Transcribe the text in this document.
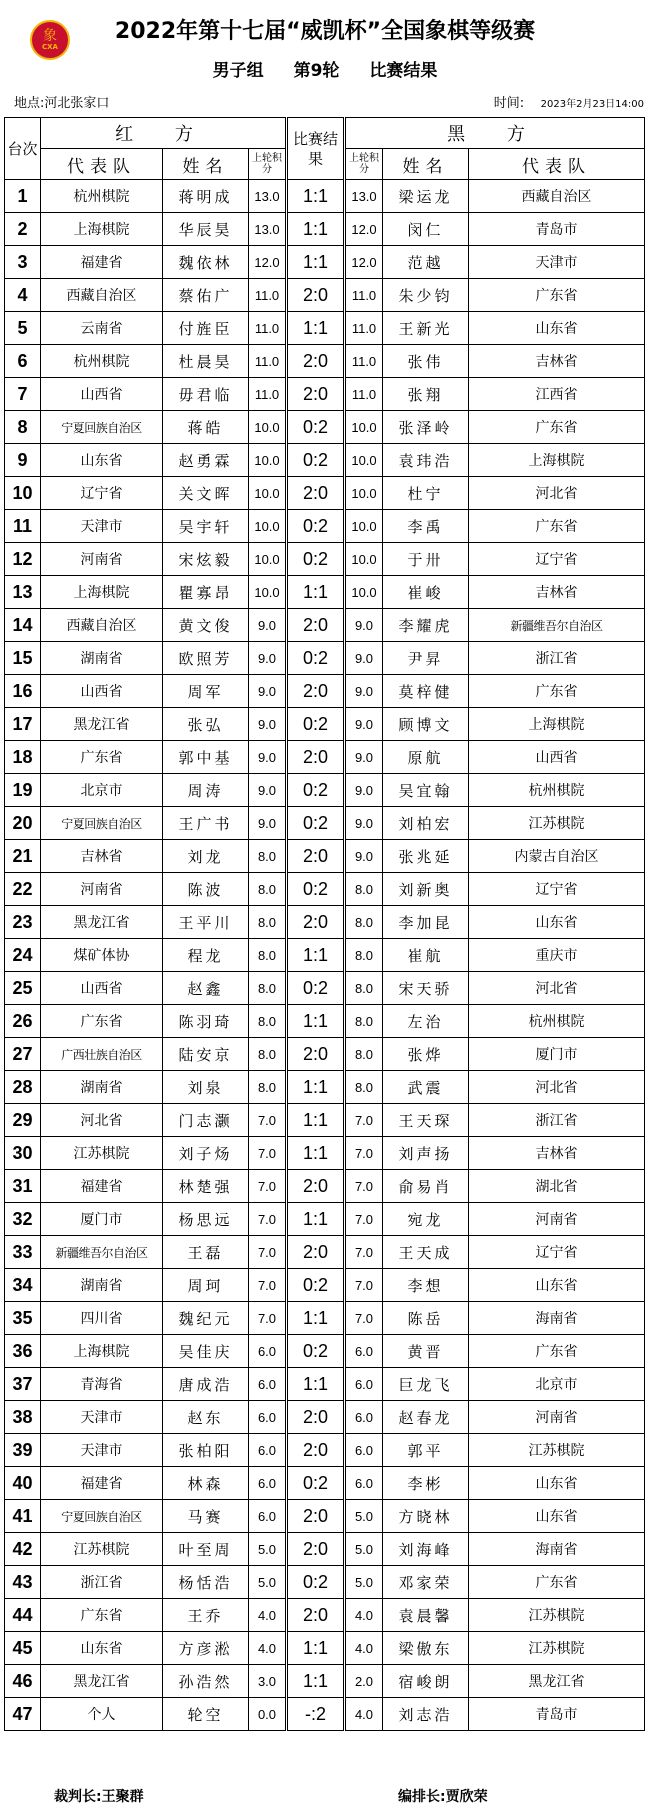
象
CXA
2022年第十七届“威凯杯”全国象棋等级赛
男子组 第9轮 比赛结果
地点:河北张家口	时间: 2023年2月23日14:00
台次	红 方			比赛结果	黑 方		
	代表队	姓名	上轮积分		上轮积分	姓名	代表队
1	杭州棋院	蒋明成	13.0	1:1	13.0	梁运龙	西藏自治区
2	上海棋院	华辰昊	13.0	1:1	12.0	闵仁	青岛市
3	福建省	魏依林	12.0	1:1	12.0	范越	天津市
4	西藏自治区	蔡佑广	11.0	2:0	11.0	朱少钧	广东省
5	云南省	付旌臣	11.0	1:1	11.0	王新光	山东省
6	杭州棋院	杜晨昊	11.0	2:0	11.0	张伟	吉林省
7	山西省	毋君临	11.0	2:0	11.0	张翔	江西省
8	宁夏回族自治区	蒋皓	10.0	0:2	10.0	张泽岭	广东省
9	山东省	赵勇霖	10.0	0:2	10.0	袁玮浩	上海棋院
10	辽宁省	关文晖	10.0	2:0	10.0	杜宁	河北省
11	天津市	吴宇轩	10.0	0:2	10.0	李禹	广东省
12	河南省	宋炫毅	10.0	0:2	10.0	于卅	辽宁省
13	上海棋院	瞿寡昂	10.0	1:1	10.0	崔峻	吉林省
14	西藏自治区	黄文俊	9.0	2:0	9.0	李耀虎	新疆维吾尔自治区
15	湖南省	欧照芳	9.0	0:2	9.0	尹昇	浙江省
16	山西省	周军	9.0	2:0	9.0	莫梓健	广东省
17	黑龙江省	张弘	9.0	0:2	9.0	顾博文	上海棋院
18	广东省	郭中基	9.0	2:0	9.0	原航	山西省
19	北京市	周涛	9.0	0:2	9.0	吴宜翰	杭州棋院
20	宁夏回族自治区	王广书	9.0	0:2	9.0	刘柏宏	江苏棋院
21	吉林省	刘龙	8.0	2:0	9.0	张兆延	内蒙古自治区
22	河南省	陈波	8.0	0:2	8.0	刘新奥	辽宁省
23	黑龙江省	王平川	8.0	2:0	8.0	李加昆	山东省
24	煤矿体协	程龙	8.0	1:1	8.0	崔航	重庆市
25	山西省	赵鑫	8.0	0:2	8.0	宋天骄	河北省
26	广东省	陈羽琦	8.0	1:1	8.0	左治	杭州棋院
27	广西壮族自治区	陆安京	8.0	2:0	8.0	张烨	厦门市
28	湖南省	刘泉	8.0	1:1	8.0	武震	河北省
29	河北省	门志灏	7.0	1:1	7.0	王天琛	浙江省
30	江苏棋院	刘子炀	7.0	1:1	7.0	刘声扬	吉林省
31	福建省	林楚强	7.0	2:0	7.0	俞易肖	湖北省
32	厦门市	杨思远	7.0	1:1	7.0	宛龙	河南省
33	新疆维吾尔自治区	王磊	7.0	2:0	7.0	王天成	辽宁省
34	湖南省	周珂	7.0	0:2	7.0	李想	山东省
35	四川省	魏纪元	7.0	1:1	7.0	陈岳	海南省
36	上海棋院	吴佳庆	6.0	0:2	6.0	黄晋	广东省
37	青海省	唐成浩	6.0	1:1	6.0	巨龙飞	北京市
38	天津市	赵东	6.0	2:0	6.0	赵春龙	河南省
39	天津市	张柏阳	6.0	2:0	6.0	郭平	江苏棋院
40	福建省	林森	6.0	0:2	6.0	李彬	山东省
41	宁夏回族自治区	马赛	6.0	2:0	5.0	方晓林	山东省
42	江苏棋院	叶至周	5.0	2:0	5.0	刘海峰	海南省
43	浙江省	杨恬浩	5.0	0:2	5.0	邓家荣	广东省
44	广东省	王乔	4.0	2:0	4.0	袁晨馨	江苏棋院
45	山东省	方彦淞	4.0	1:1	4.0	梁傲东	江苏棋院
46	黑龙江省	孙浩然	3.0	1:1	2.0	宿峻朗	黑龙江省
47	个人	轮空	0.0	-:2	4.0	刘志浩	青岛市
裁判长:王聚群	编排长:贾欣荣
